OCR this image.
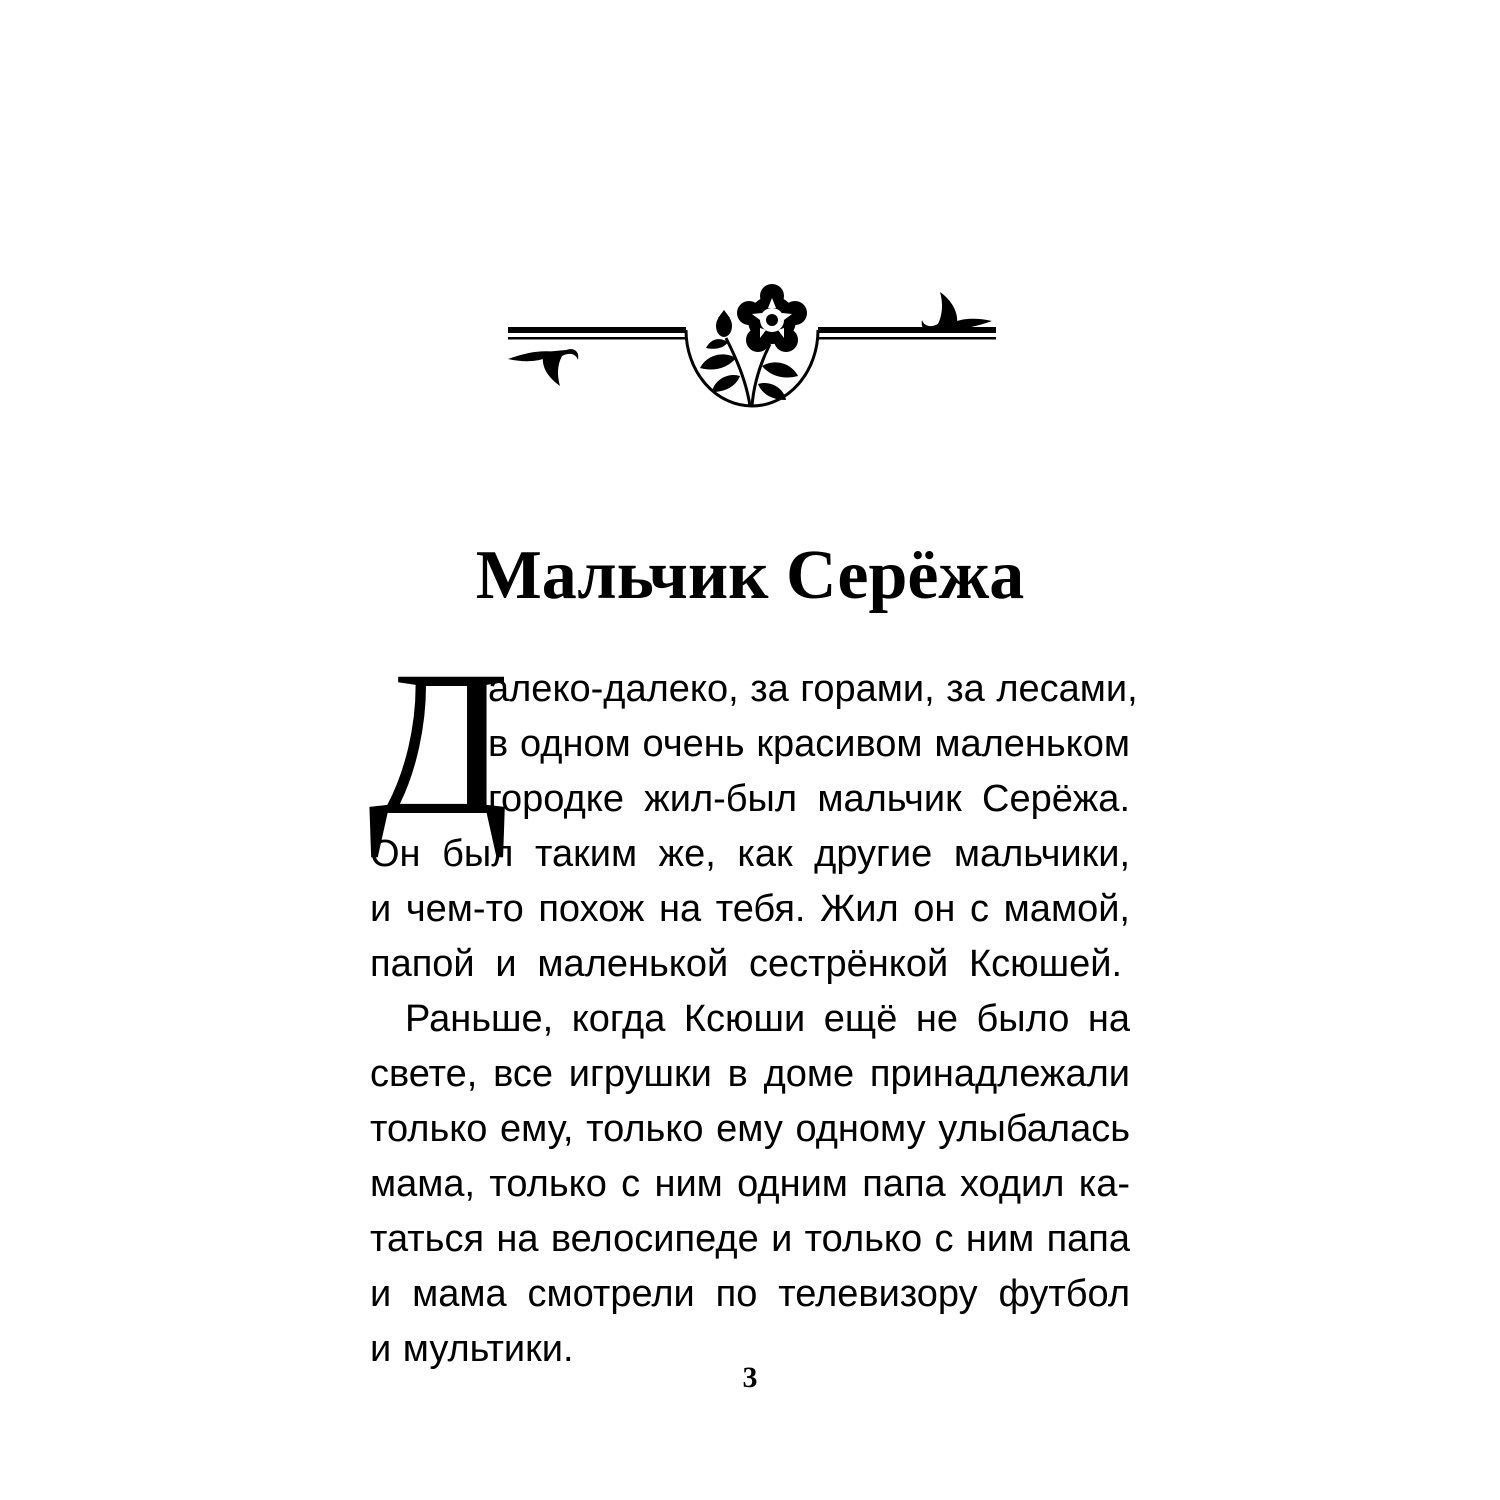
Мальчик Серёжа
Д
алеко-далеко, за горами, за лесами,
в одном очень красивом маленьком
городке жил-был мальчик Серёжа.
Он был таким же, как другие мальчики,
и чем-то похож на тебя. Жил он с мамой,
папой и маленькой сестрёнкой Ксюшей.
Раньше, когда Ксюши ещё не было на
свете, все игрушки в доме принадлежали
только ему, только ему одному улыбалась
мама, только с ним одним папа ходил ка-
таться на велосипеде и только с ним папа
и мама смотрели по телевизору футбол
и мультики.
3
